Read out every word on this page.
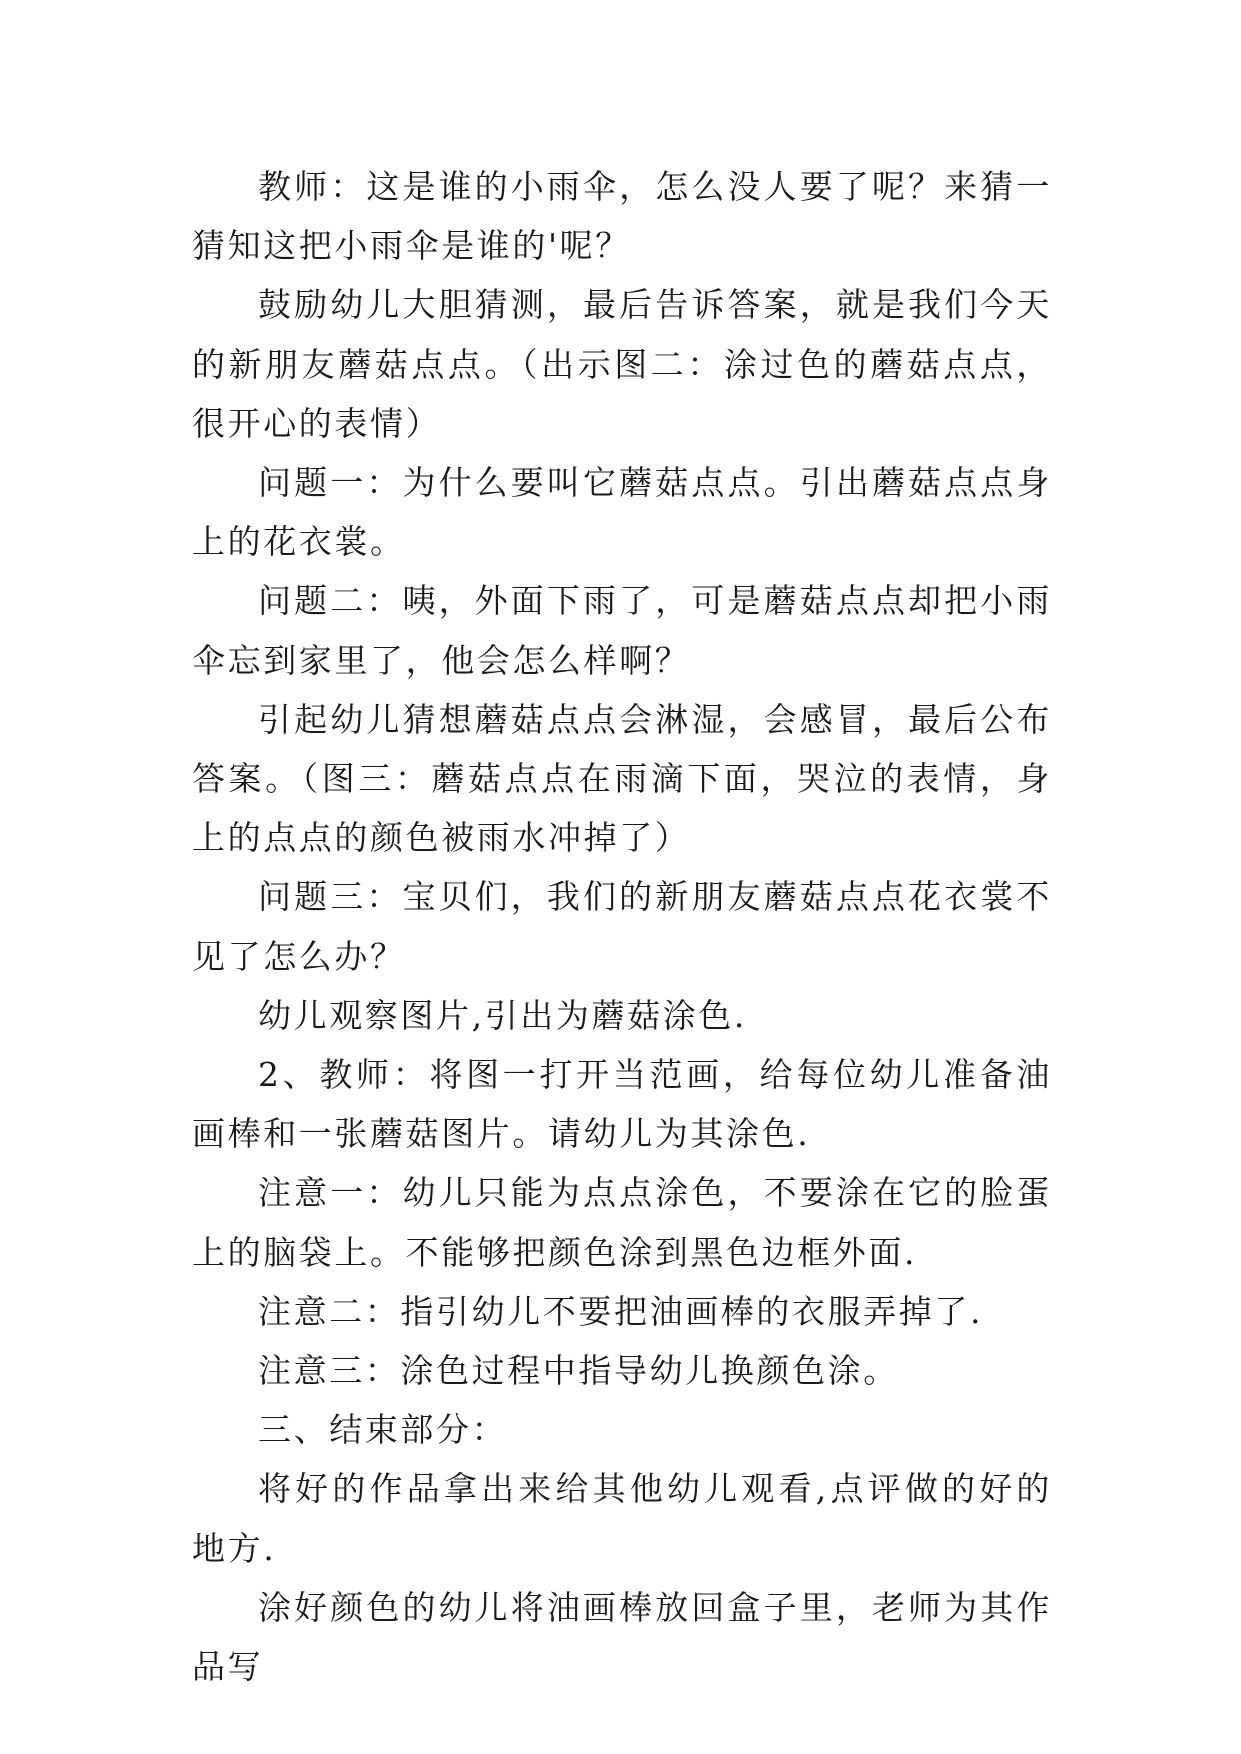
教师：这是谁的小雨伞，怎么没人要了呢？来猜一猜知这把小雨伞是谁的'呢？

鼓励幼儿大胆猜测，最后告诉答案，就是我们今天的新朋友蘑菇点点。（出示图二：涂过色的蘑菇点点，很开心的表情）

问题一：为什么要叫它蘑菇点点。引出蘑菇点点身上的花衣裳。

问题二：咦，外面下雨了，可是蘑菇点点却把小雨伞忘到家里了，他会怎么样啊？

引起幼儿猜想蘑菇点点会淋湿，会感冒，最后公布答案。（图三：蘑菇点点在雨滴下面，哭泣的表情，身上的点点的颜色被雨水冲掉了）

问题三：宝贝们，我们的新朋友蘑菇点点花衣裳不见了怎么办？

幼儿观察图片,引出为蘑菇涂色.

2、教师：将图一打开当范画，给每位幼儿准备油画棒和一张蘑菇图片。请幼儿为其涂色.

注意一：幼儿只能为点点涂色，不要涂在它的脸蛋上的脑袋上。不能够把颜色涂到黑色边框外面.

注意二：指引幼儿不要把油画棒的衣服弄掉了.

注意三：涂色过程中指导幼儿换颜色涂。

三、结束部分：

将好的作品拿出来给其他幼儿观看,点评做的好的地方.

涂好颜色的幼儿将油画棒放回盒子里，老师为其作品写
